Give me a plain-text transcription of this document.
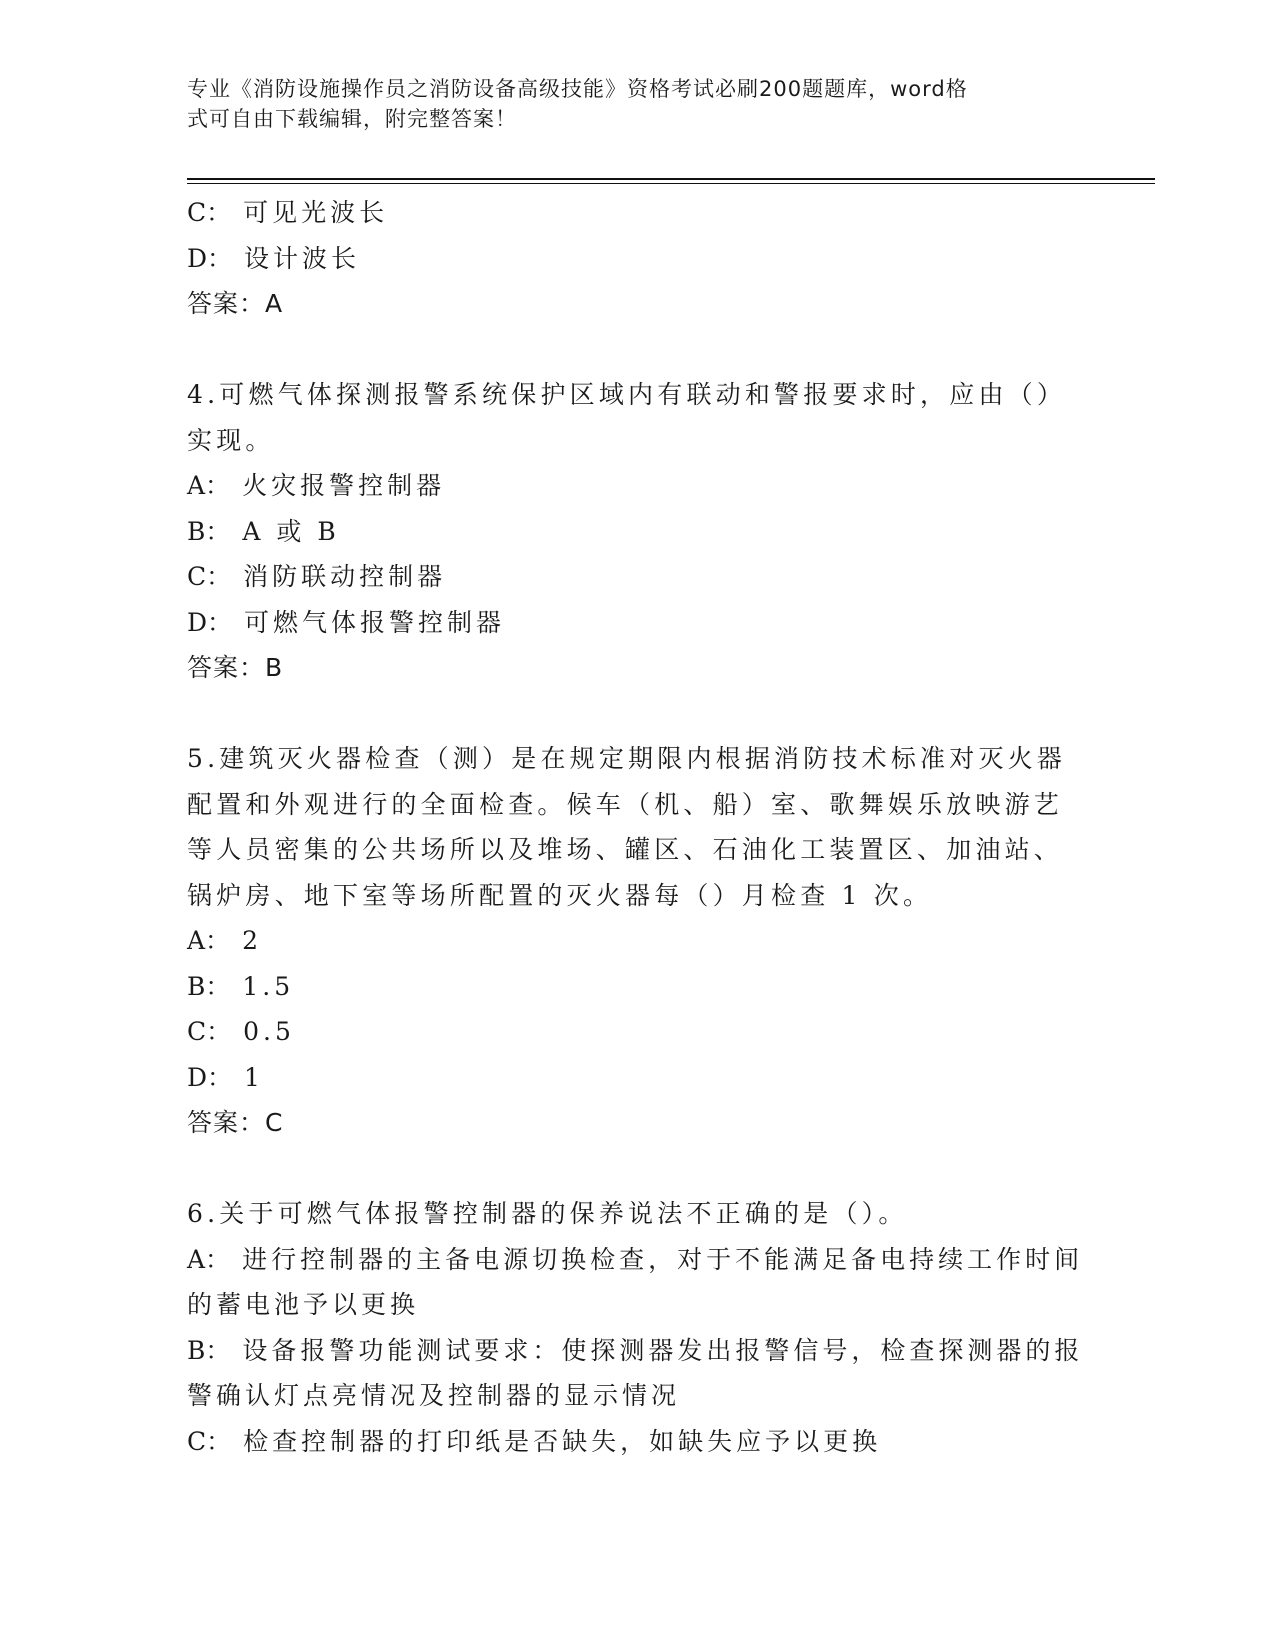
专业《消防设施操作员之消防设备高级技能》资格考试必刷200题题库，word格
式可自由下载编辑，附完整答案！
C： 可见光波长
D： 设计波长
答案：A
4.可燃气体探测报警系统保护区域内有联动和警报要求时，应由（）
实现。
A： 火灾报警控制器
B： A 或 B
C： 消防联动控制器
D： 可燃气体报警控制器
答案：B
5.建筑灭火器检查（测）是在规定期限内根据消防技术标准对灭火器
配置和外观进行的全面检查。候车（机、船）室、歌舞娱乐放映游艺
等人员密集的公共场所以及堆场、罐区、石油化工装置区、加油站、
锅炉房、地下室等场所配置的灭火器每（）月检查 1 次。
A： 2
B： 1.5
C： 0.5
D： 1
答案：C
6.关于可燃气体报警控制器的保养说法不正确的是（）。
A： 进行控制器的主备电源切换检查，对于不能满足备电持续工作时间
的蓄电池予以更换
B： 设备报警功能测试要求：使探测器发出报警信号，检查探测器的报
警确认灯点亮情况及控制器的显示情况
C： 检查控制器的打印纸是否缺失，如缺失应予以更换
